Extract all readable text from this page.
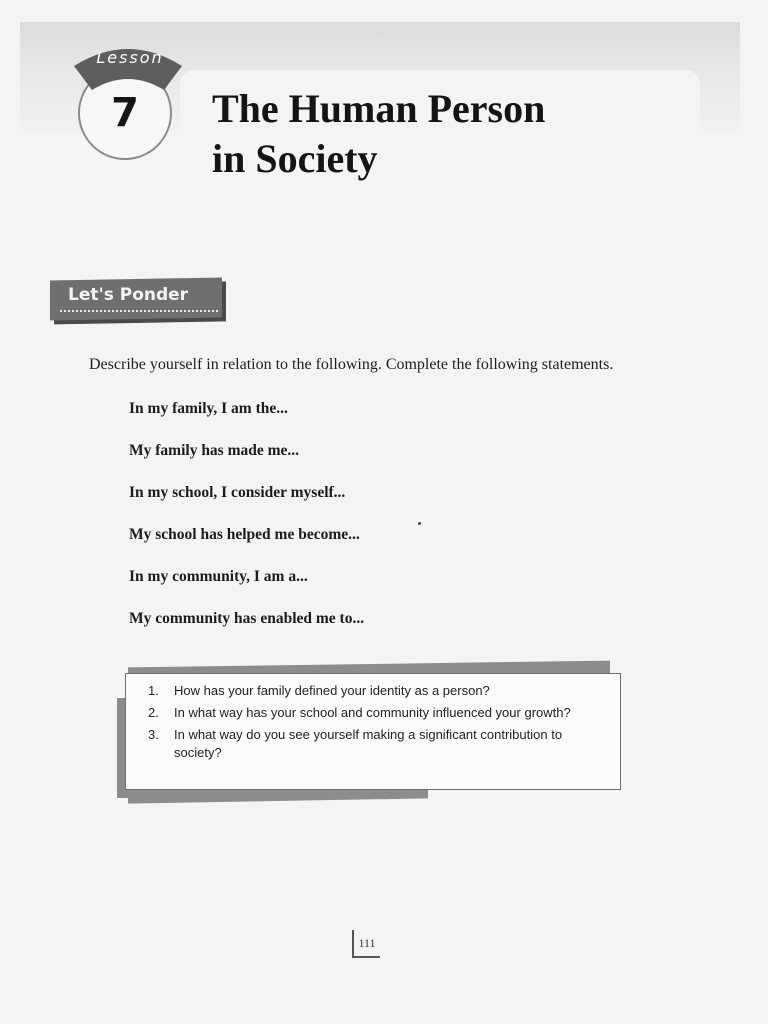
Lesson
7	The Human Person
in Society
Let's Ponder
Describe yourself in relation to the following. Complete the following statements.
In my family, I am the...
My family has made me...
In my school, I consider myself...
My school has helped me become...
In my community, I am a...
My community has enabled me to...
1. How has your family defined your identity as a person?
2. In what way has your school and community influenced your growth?
3. In what way do you see yourself making a significant contribution to society?
111
